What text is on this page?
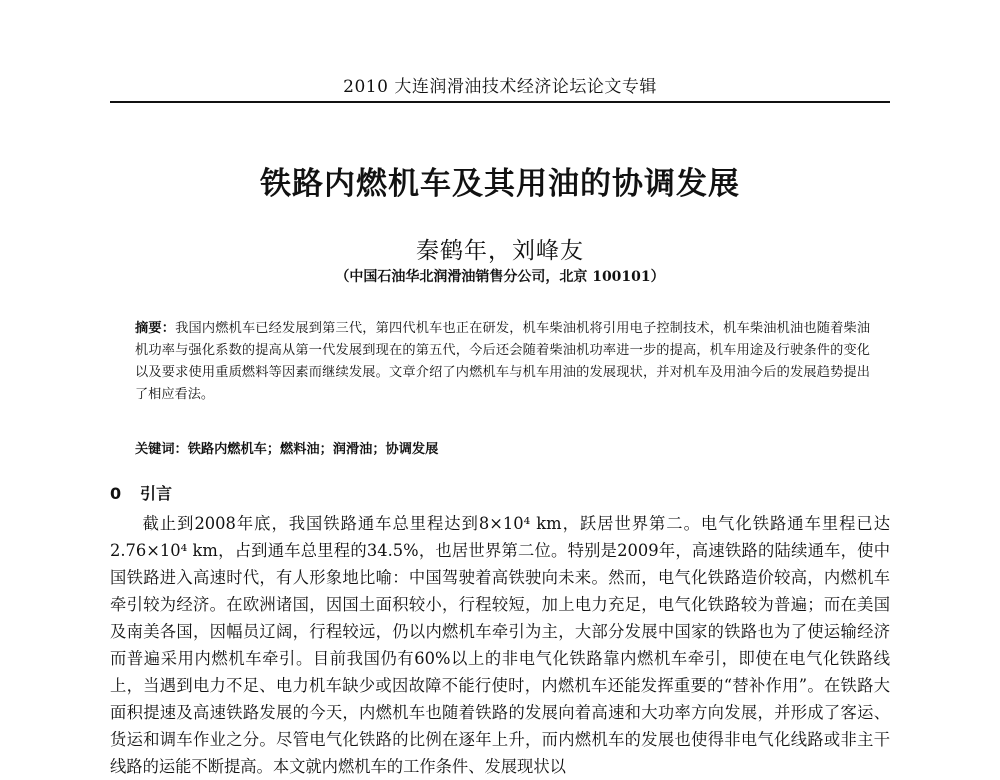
2010 大连润滑油技术经济论坛论文专辑
铁路内燃机车及其用油的协调发展
秦鹤年，刘峰友
（中国石油华北润滑油销售分公司，北京 100101）
摘要：我国内燃机车已经发展到第三代，第四代机车也正在研发，机车柴油机将引用电子控制技术，机车柴油机油也随着柴油机功率与强化系数的提高从第一代发展到现在的第五代，今后还会随着柴油机功率进一步的提高，机车用途及行驶条件的变化以及要求使用重质燃料等因素而继续发展。文章介绍了内燃机车与机车用油的发展现状，并对机车及用油今后的发展趋势提出了相应看法。
关键词：铁路内燃机车；燃料油；润滑油；协调发展
0 引言
截止到2008年底，我国铁路通车总里程达到8×10⁴ km，跃居世界第二。电气化铁路通车里程已达2.76×10⁴ km，占到通车总里程的34.5%，也居世界第二位。特别是2009年，高速铁路的陆续通车，使中国铁路进入高速时代，有人形象地比喻：中国驾驶着高铁驶向未来。然而，电气化铁路造价较高，内燃机车牵引较为经济。在欧洲诸国，因国土面积较小，行程较短，加上电力充足，电气化铁路较为普遍；而在美国及南美各国，因幅员辽阔，行程较远，仍以内燃机车牵引为主，大部分发展中国家的铁路也为了使运输经济而普遍采用内燃机车牵引。目前我国仍有60%以上的非电气化铁路靠内燃机车牵引，即使在电气化铁路线上，当遇到电力不足、电力机车缺少或因故障不能行使时，内燃机车还能发挥重要的“替补作用”。在铁路大面积提速及高速铁路发展的今天，内燃机车也随着铁路的发展向着高速和大功率方向发展，并形成了客运、货运和调车作业之分。尽管电气化铁路的比例在逐年上升，而内燃机车的发展也使得非电气化线路或非主干线路的运能不断提高。本文就内燃机车的工作条件、发展现状以
